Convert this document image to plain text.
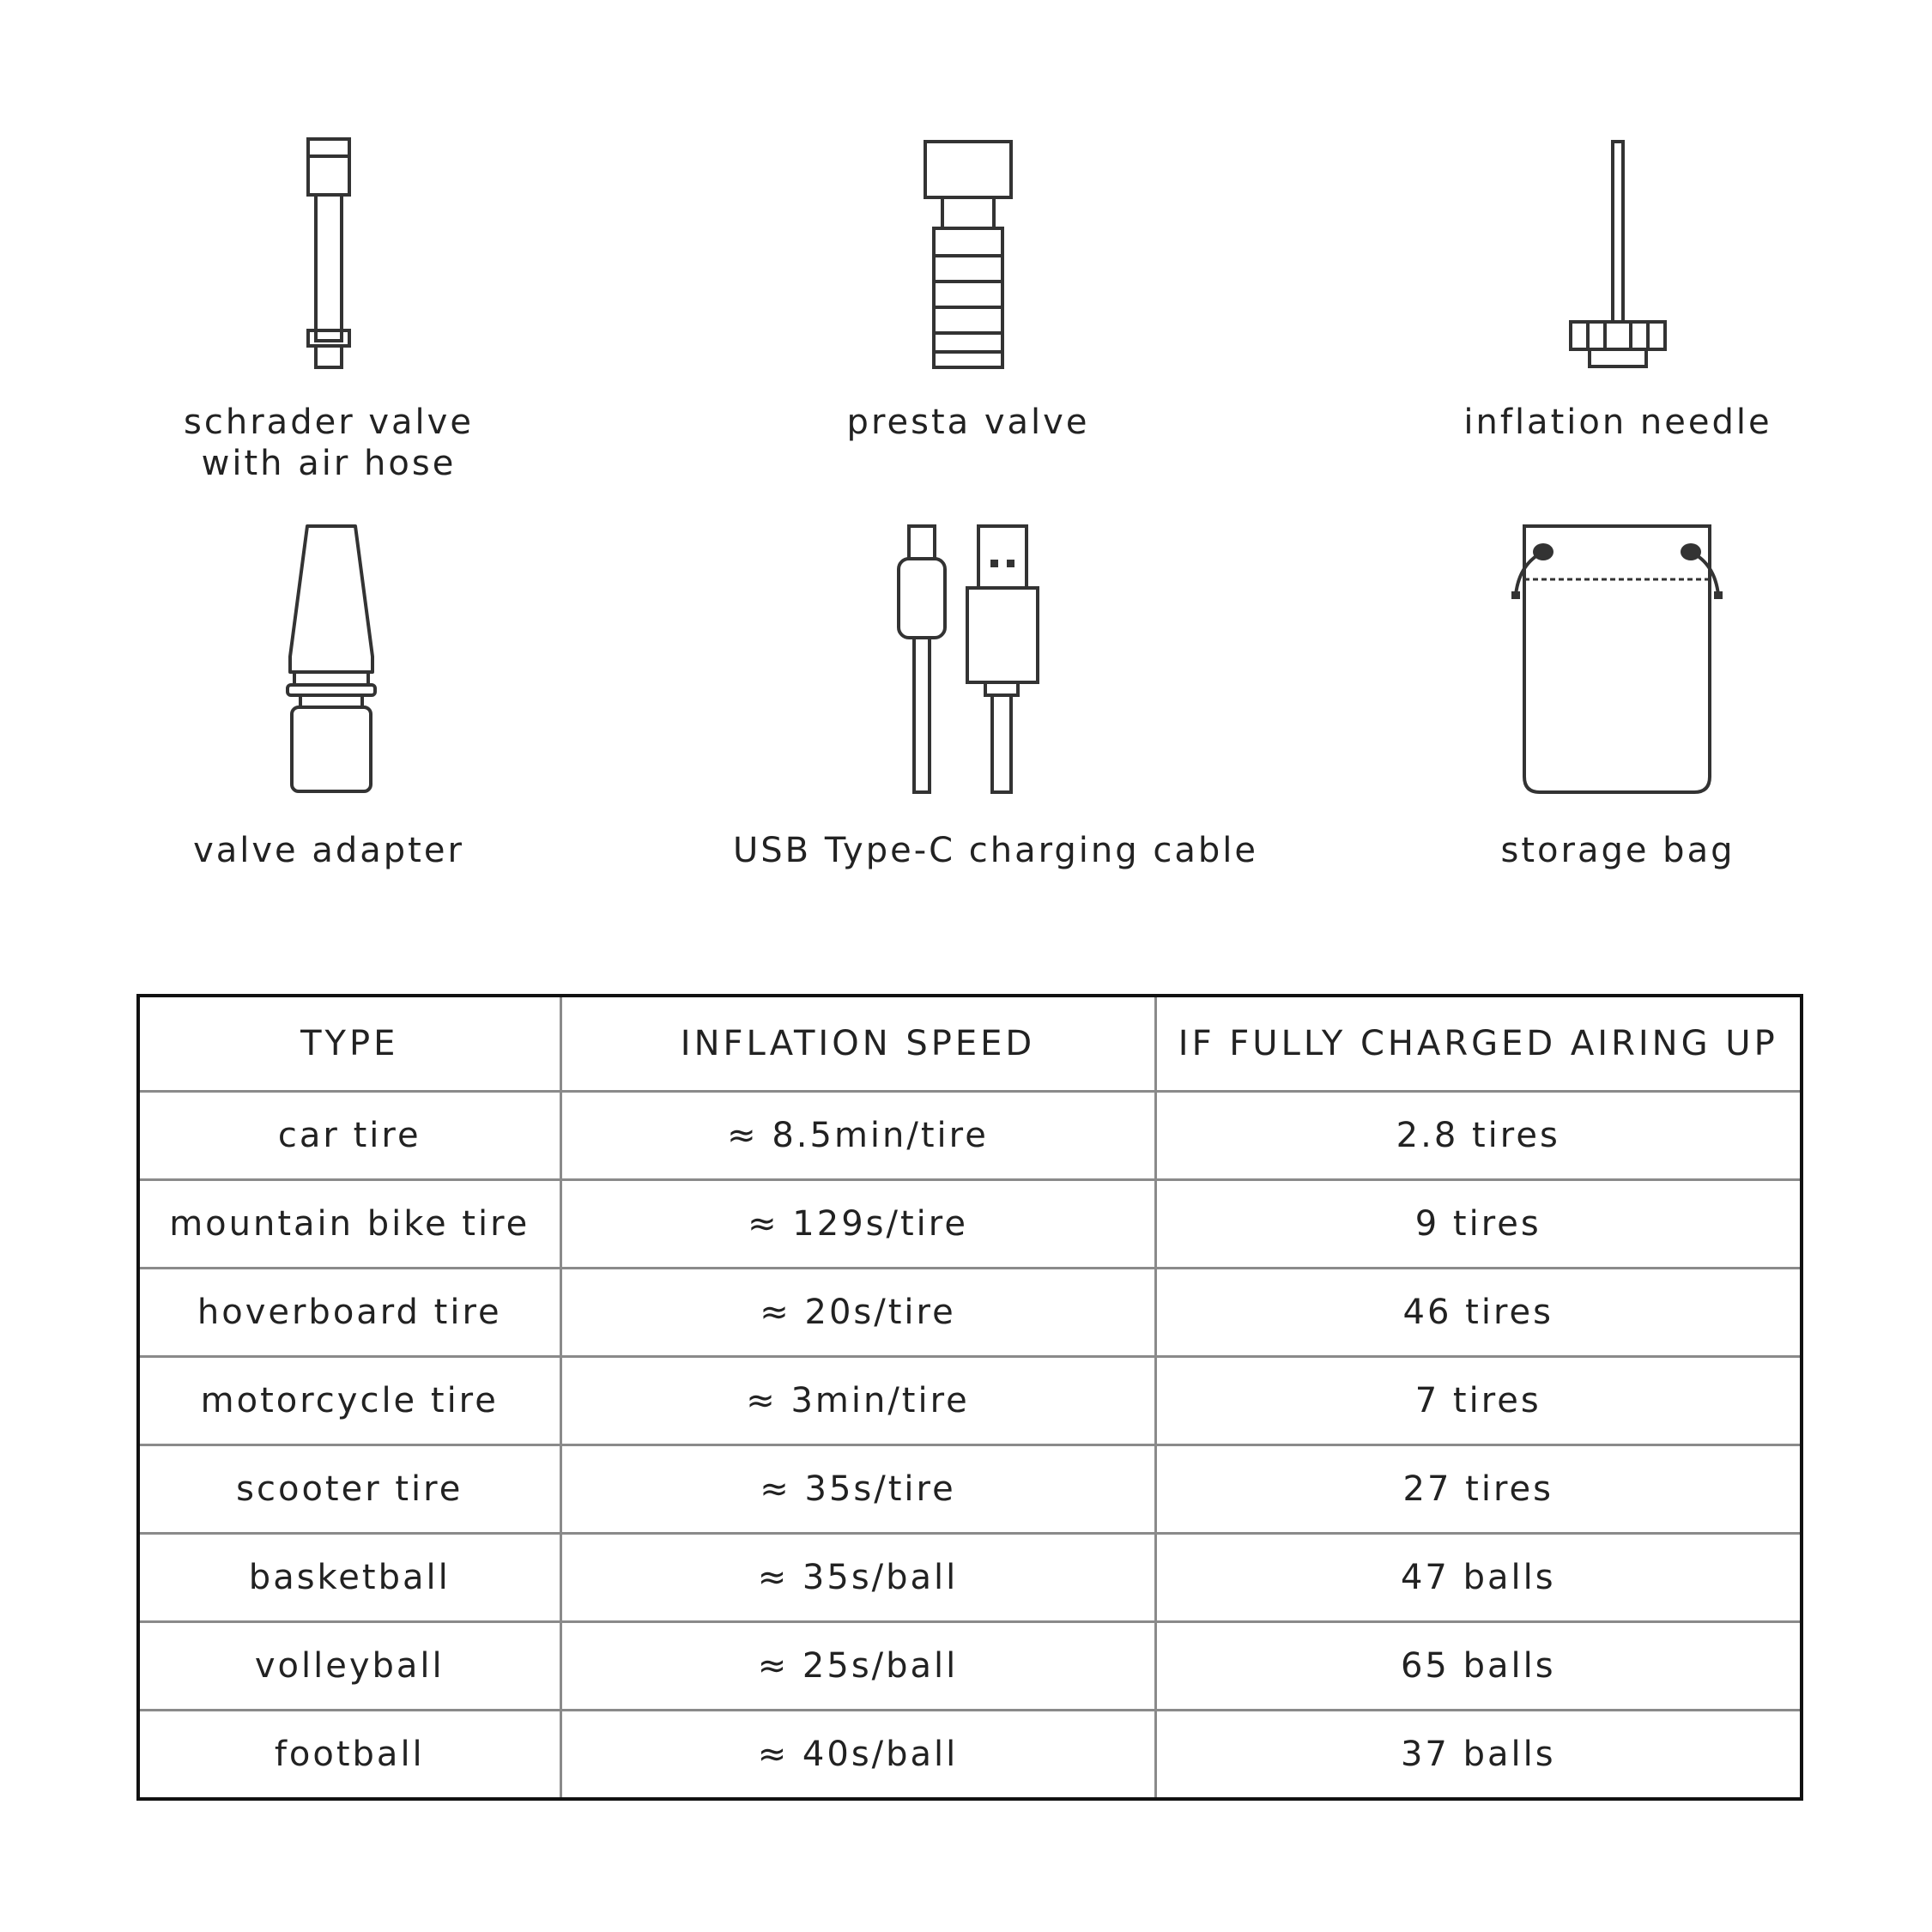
schrader valve
with air hose
presta valve	inflation needle
valve adapter	USB Type-C charging cable	storage bag
TYPE	INFLATION SPEED	IF FULLY CHARGED AIRING UP
car tire	≈ 8.5min/tire	2.8 tires
mountain bike tire	≈ 129s/tire	9 tires
hoverboard tire	≈ 20s/tire	46 tires
motorcycle tire	≈ 3min/tire	7 tires
scooter tire	≈ 35s/tire	27 tires
basketball	≈ 35s/ball	47 balls
volleyball	≈ 25s/ball	65 balls
football	≈ 40s/ball	37 balls
